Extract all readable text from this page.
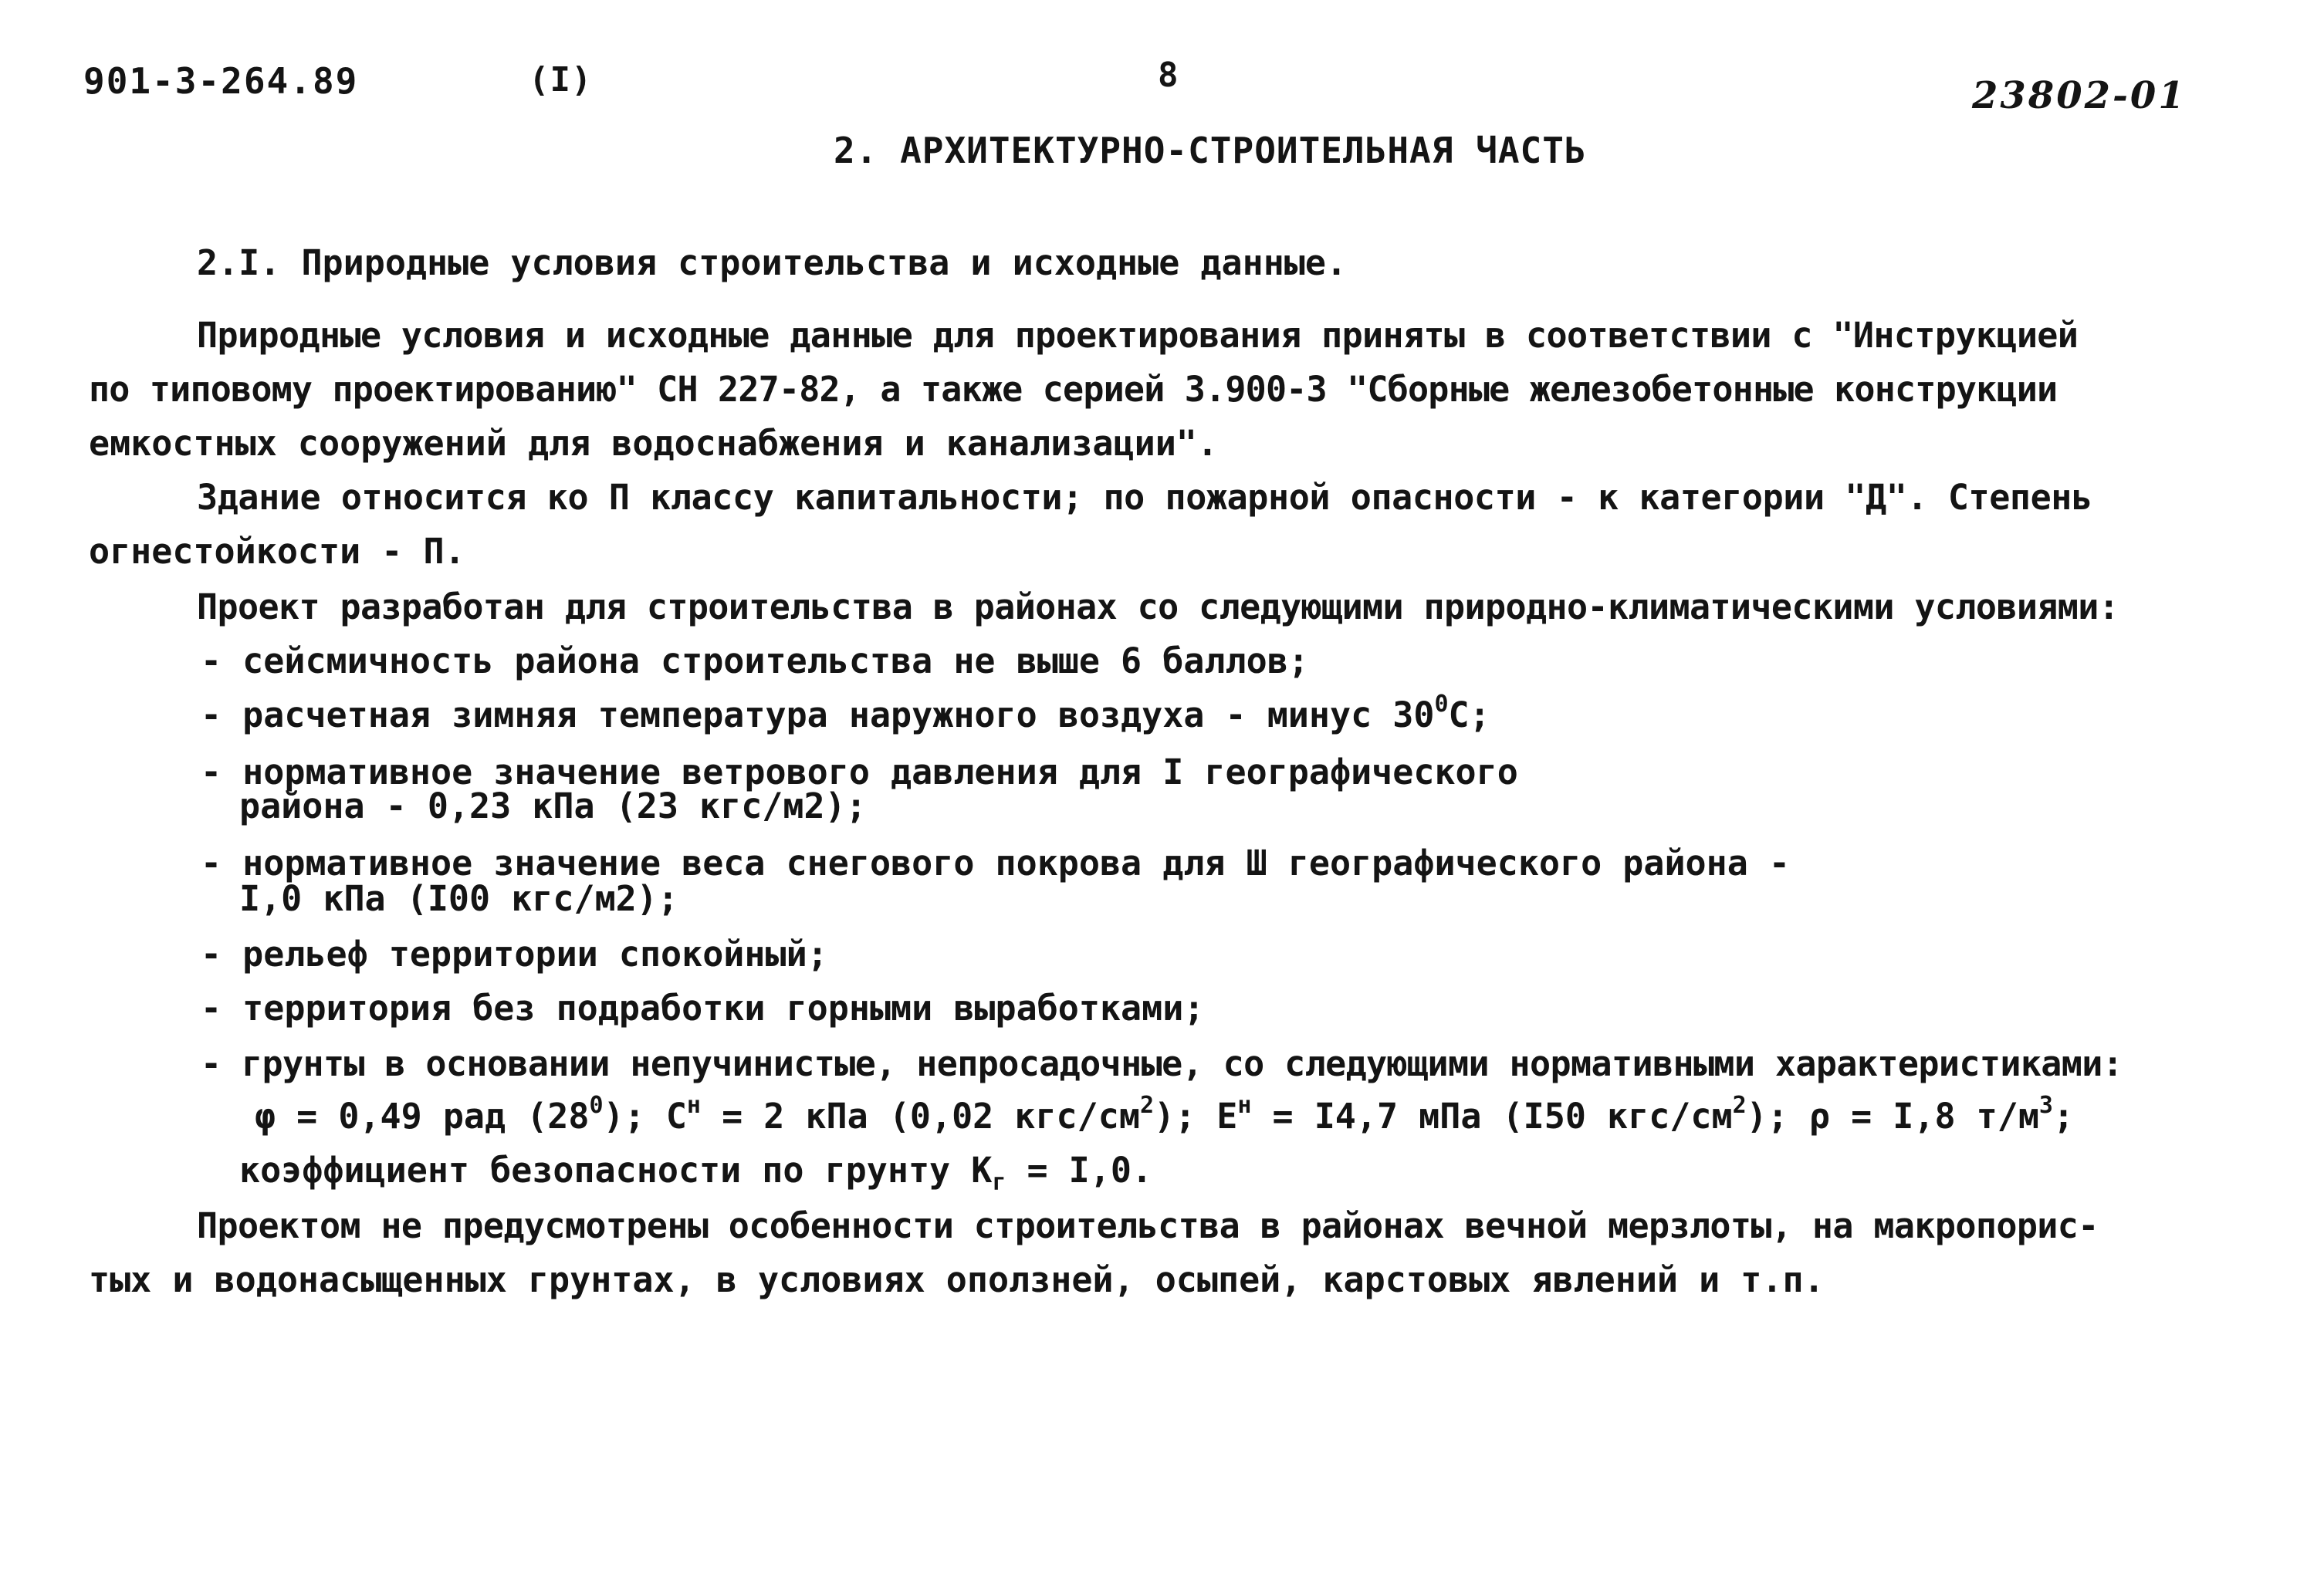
901-3-264.89	(I)	8	23802-01
2. АРХИТЕКТУРНО-СТРОИТЕЛЬНАЯ ЧАСТЬ
2.I. Природные условия строительства и исходные данные.
Природные условия и исходные данные для проектирования приняты в соответствии с "Инструкцией
по типовому проектированию" СН 227-82, а также серией 3.900-3 "Сборные железобетонные конструкции
емкостных сооружений для водоснабжения и канализации".
Здание относится ко П классу капитальности; по пожарной опасности - к категории "Д". Степень
огнестойкости - П.
Проект разработан для строительства в районах со следующими природно-климатическими условиями:
- сейсмичность района строительства не выше 6 баллов;
- расчетная зимняя температура наружного воздуха - минус $30^0С$;
- нормативное значение ветрового давления для I географического
района - 0,23 кПа (23 кгс/м2);
- нормативное значение веса снегового покрова для Ш географического района -
I,0 кПа (I00 кгс/м2);
- рельеф территории спокойный;
- территория без подработки горными выработками;
- грунты в основании непучинистые, непросадочные, со следующими нормативными характеристиками:
φ = 0,49 рад $(28^0)$; $С^н = 2$ кПа (0,02 кгс/$см^2$); $Е^н = I4,7$ мПа (I50 кгс/$см^2$); ρ = I,8 $т/м^3$;
коэффициент безопасности по грунту $К_г = I,0$.
Проектом не предусмотрены особенности строительства в районах вечной мерзлоты, на макропорис-
тых и водонасыщенных грунтах, в условиях оползней, осыпей, карстовых явлений и т.п.
